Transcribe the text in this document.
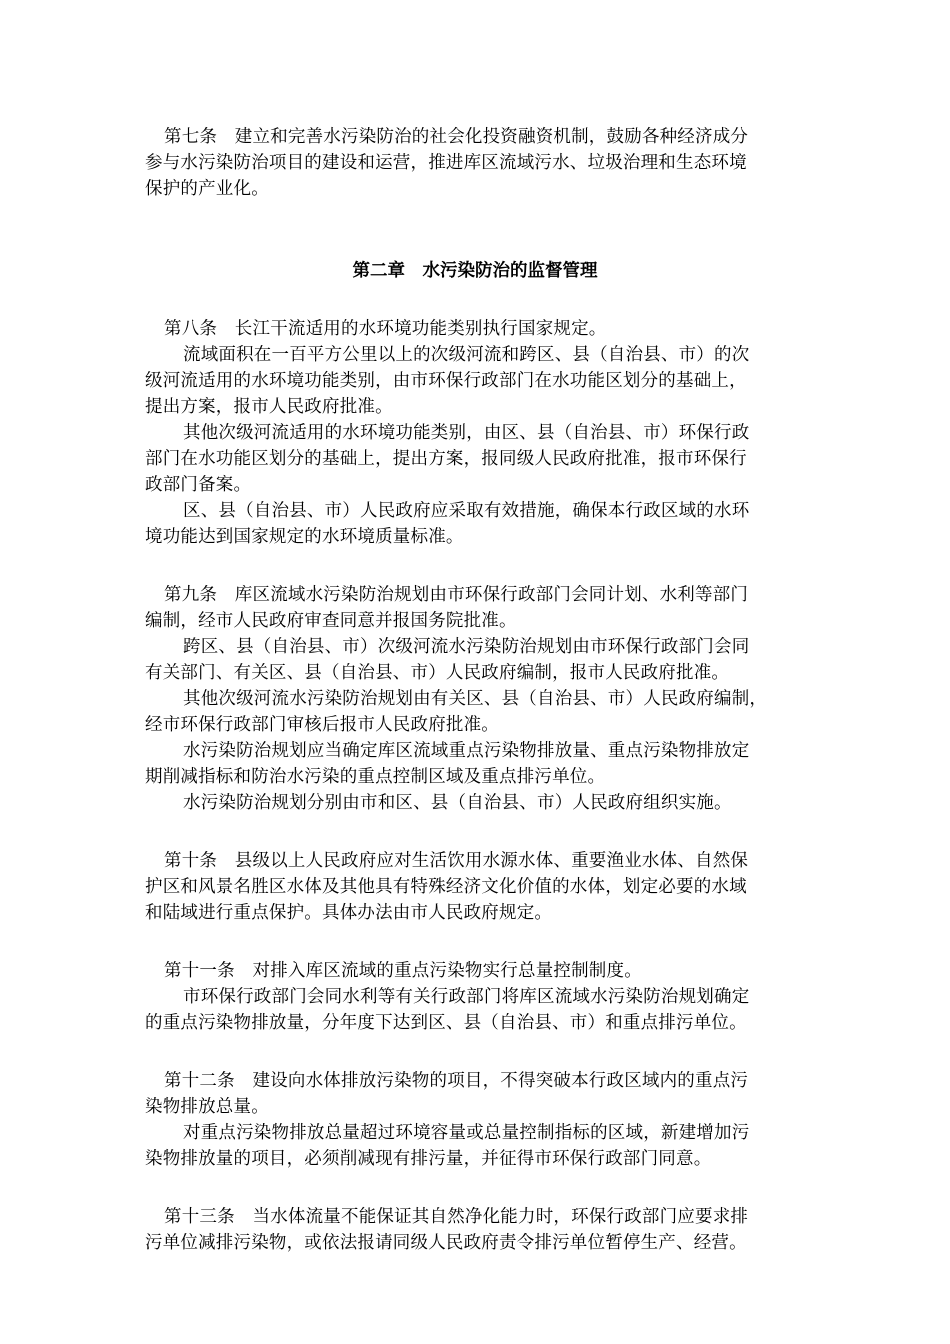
第七条　建立和完善水污染防治的社会化投资融资机制，鼓励各种经济成分
参与水污染防治项目的建设和运营，推进库区流域污水、垃圾治理和生态环境
保护的产业化。
第二章　水污染防治的监督管理
第八条　长江干流适用的水环境功能类别执行国家规定。
流域面积在一百平方公里以上的次级河流和跨区、县（自治县、市）的次
级河流适用的水环境功能类别，由市环保行政部门在水功能区划分的基础上，
提出方案，报市人民政府批准。
其他次级河流适用的水环境功能类别，由区、县（自治县、市）环保行政
部门在水功能区划分的基础上，提出方案，报同级人民政府批准，报市环保行
政部门备案。
区、县（自治县、市）人民政府应采取有效措施，确保本行政区域的水环
境功能达到国家规定的水环境质量标准。
第九条　库区流域水污染防治规划由市环保行政部门会同计划、水利等部门
编制，经市人民政府审查同意并报国务院批准。
跨区、县（自治县、市）次级河流水污染防治规划由市环保行政部门会同
有关部门、有关区、县（自治县、市）人民政府编制，报市人民政府批准。
其他次级河流水污染防治规划由有关区、县（自治县、市）人民政府编制，
经市环保行政部门审核后报市人民政府批准。
水污染防治规划应当确定库区流域重点污染物排放量、重点污染物排放定
期削减指标和防治水污染的重点控制区域及重点排污单位。
水污染防治规划分别由市和区、县（自治县、市）人民政府组织实施。
第十条　县级以上人民政府应对生活饮用水源水体、重要渔业水体、自然保
护区和风景名胜区水体及其他具有特殊经济文化价值的水体，划定必要的水域
和陆域进行重点保护。具体办法由市人民政府规定。
第十一条　对排入库区流域的重点污染物实行总量控制制度。
市环保行政部门会同水利等有关行政部门将库区流域水污染防治规划确定
的重点污染物排放量，分年度下达到区、县（自治县、市）和重点排污单位。
第十二条　建设向水体排放污染物的项目，不得突破本行政区域内的重点污
染物排放总量。
对重点污染物排放总量超过环境容量或总量控制指标的区域，新建增加污
染物排放量的项目，必须削减现有排污量，并征得市环保行政部门同意。
第十三条　当水体流量不能保证其自然净化能力时，环保行政部门应要求排
污单位减排污染物，或依法报请同级人民政府责令排污单位暂停生产、经营。
